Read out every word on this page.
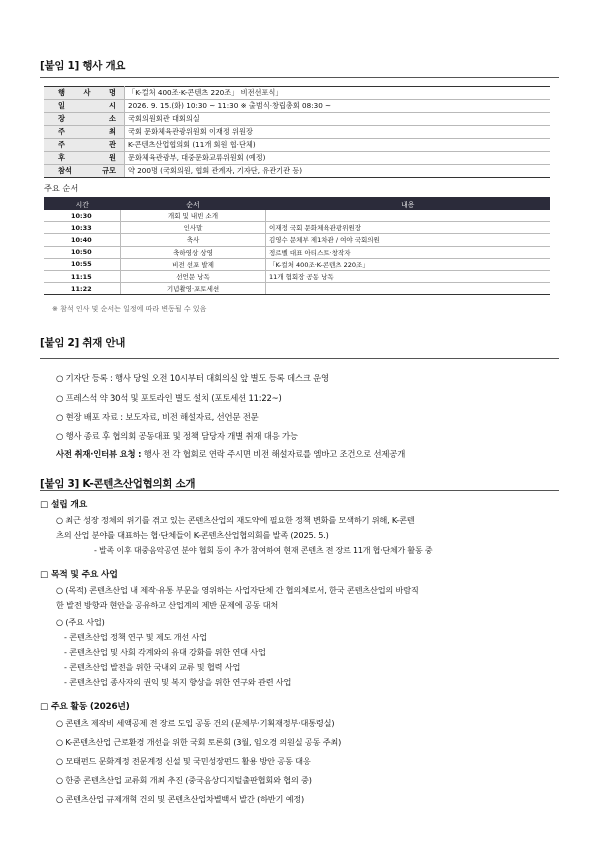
[붙임 1] 행사 개요
행 사 명	「K-컬처 400조·K-콘텐츠 220조」 비전선포식」
일 시	2026. 9. 15.(화) 10:30 ~ 11:30 ※ 출범식·창립총회 08:30 ~
장 소	국회의원회관 대회의실
주 최	국회 문화체육관광위원회 이재정 위원장
주 관	K-콘텐츠산업협의회 (11개 회원 협·단체)
후 원	문화체육관광부, 대중문화교류위원회 (예정)
참석 규모	약 200명 (국회의원, 협회 관계자, 기자단, 유관기관 등)
주요 순서
시간	순서	내용
10:30	개회 및 내빈 소개	
10:33	인사말	이재정 국회 문화체육관광위원장
10:40	축사	김영수 문체부 제1차관 / 여야 국회의원
10:50	축하영상 상영	정르벨 대표 아티스트·창작자
10:55	비전 선포 발제	「K-컬처 400조·K-콘텐츠 220조」
11:15	선언문 낭독	11개 협회장 공동 낭독
11:22	기념촬영·포토세션	
※ 참석 인사 및 순서는 일정에 따라 변동될 수 있음
[붙임 2] 취재 안내
○ 기자단 등록 : 행사 당일 오전 10시부터 대회의실 앞 별도 등록 데스크 운영
○ 프레스석 약 30석 및 포토라인 별도 설치 (포토세션 11:22~)
○ 현장 배포 자료 : 보도자료, 비전 해설자료, 선언문 전문
○ 행사 종료 후 협의회 공동대표 및 정책 담당자 개별 취재 대응 가능
사전 취재·인터뷰 요청 : 행사 전 각 협회로 연락 주시면 비전 해설자료를 엠바고 조건으로 선제공개
[붙임 3] K-콘텐츠산업협의회 소개
□ 설립 개요
○ 최근 성장 정체의 위기를 겪고 있는 콘텐츠산업의 재도약에 필요한 정책 변화를 모색하기 위해, K-콘텐
츠의 산업 분야를 대표하는 협·단체들이 K-콘텐츠산업협의회를 발족 (2025. 5.)
- 발족 이후 대중음악공연 분야 협회 등이 추가 참여하여 현재 콘텐츠 전 장르 11개 협·단체가 활동 중
□ 목적 및 주요 사업
○ (목적) 콘텐츠산업 내 제작·유통 부문을 영위하는 사업자단체 간 협의체로서, 한국 콘텐츠산업의 바람직
한 발전 방향과 현안을 공유하고 산업계의 제반 문제에 공동 대처
○ (주요 사업)
- 콘텐츠산업 정책 연구 및 제도 개선 사업
- 콘텐츠산업 및 사회 각계와의 유대 강화를 위한 연대 사업
- 콘텐츠산업 발전을 위한 국내외 교류 및 협력 사업
- 콘텐츠산업 종사자의 권익 및 복지 향상을 위한 연구와 관련 사업
□ 주요 활동 (2026년)
○ 콘텐츠 제작비 세액공제 전 장르 도입 공동 건의 (문체부·기획재정부·대통령실)
○ K-콘텐츠산업 근로환경 개선을 위한 국회 토론회 (3월, 임오경 의원실 공동 주최)
○ 모태펀드 문화계정 전문계정 신설 및 국민성장펀드 활용 방안 공동 대응
○ 한중 콘텐츠산업 교류회 개최 추진 (중국음상디지털출판협회와 협의 중)
○ 콘텐츠산업 규제개혁 건의 및 콘텐츠산업차별백서 발간 (하반기 예정)
